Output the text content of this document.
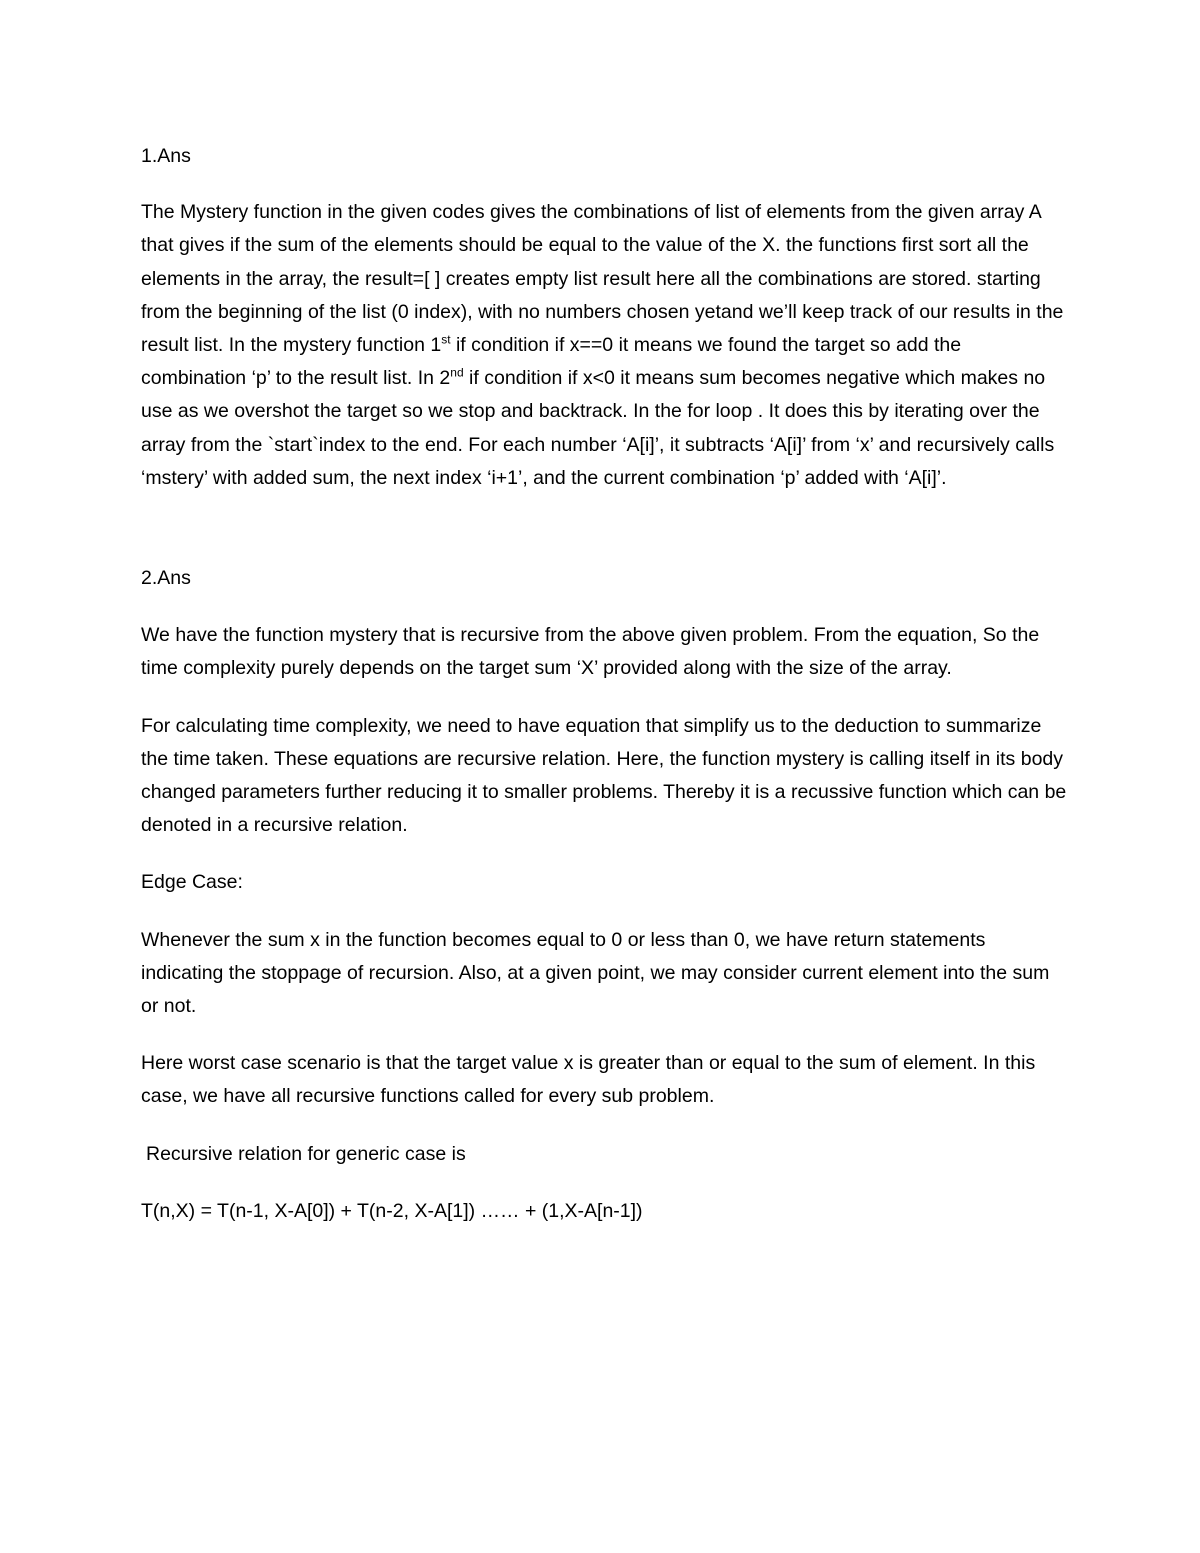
1.Ans

The Mystery function in the given codes gives the combinations of list of elements from the given array A that gives if the sum of the elements should be equal to the value of the X. the functions first sort all the elements in the array, the result=[ ] creates empty list result here all the combinations are stored. starting from the beginning of the list (0 index), with no numbers chosen yetand we’ll keep track of our results in the result list. In the mystery function 1st if condition if x==0 it means we found the target so add the combination ‘p’ to the result list. In 2nd if condition if x<0 it means sum becomes negative which makes no use as we overshot the target so we stop and backtrack. In the for loop . It does this by iterating over the array from the `start`index to the end. For each number ‘A[i]’, it subtracts ‘A[i]’ from ‘x’ and recursively calls ‘mstery’ with added sum, the next index ‘i+1’, and the current combination ‘p’ added with ‘A[i]’.

2.Ans

We have the function mystery that is recursive from the above given problem. From the equation, So the time complexity purely depends on the target sum ‘X’ provided along with the size of the array.

For calculating time complexity, we need to have equation that simplify us to the deduction to summarize the time taken. These equations are recursive relation. Here, the function mystery is calling itself in its body changed parameters further reducing it to smaller problems. Thereby it is a recussive function which can be denoted in a recursive relation.

Edge Case:

Whenever the sum x in the function becomes equal to 0 or less than 0, we have return statements indicating the stoppage of recursion. Also, at a given point, we may consider current element into the sum or not.

Here worst case scenario is that the target value x is greater than or equal to the sum of element. In this case, we have all recursive functions called for every sub problem.

Recursive relation for generic case is

T(n,X) = T(n-1, X-A[0]) + T(n-2, X-A[1]) …… + (1,X-A[n-1])
